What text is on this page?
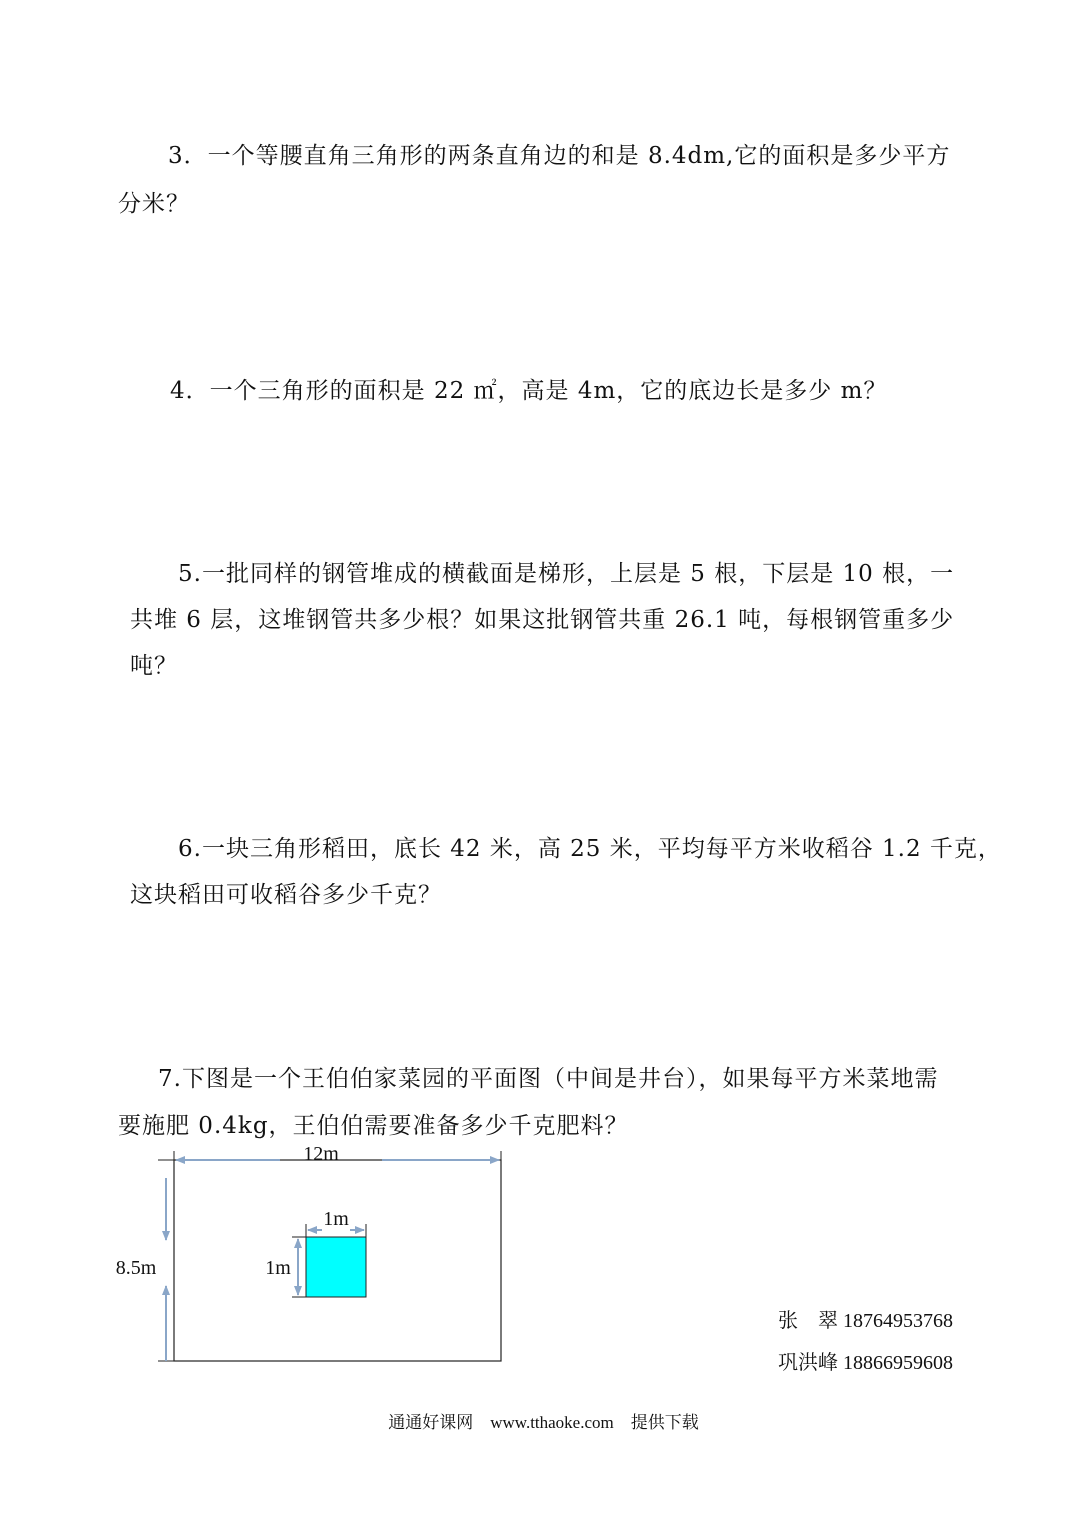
3．一个等腰直角三角形的两条直角边的和是 8.4dm,它的面积是多少平方
分米？
4．一个三角形的面积是 22 ㎡，高是 4m，它的底边长是多少 m？
5.一批同样的钢管堆成的横截面是梯形，上层是 5 根，下层是 10 根，一
共堆 6 层，这堆钢管共多少根？如果这批钢管共重 26.1 吨，每根钢管重多少
吨？
6.一块三角形稻田，底长 42 米，高 25 米，平均每平方米收稻谷 1.2 千克，
这块稻田可收稻谷多少千克？
7.下图是一个王伯伯家菜园的平面图（中间是井台），如果每平方米菜地需
要施肥 0.4kg，王伯伯需要准备多少千克肥料？
12m
8.5m
1m
1m
张　翠 18764953768
巩洪峰 18866959608
通通好课网　www.tthaoke.com　提供下载
